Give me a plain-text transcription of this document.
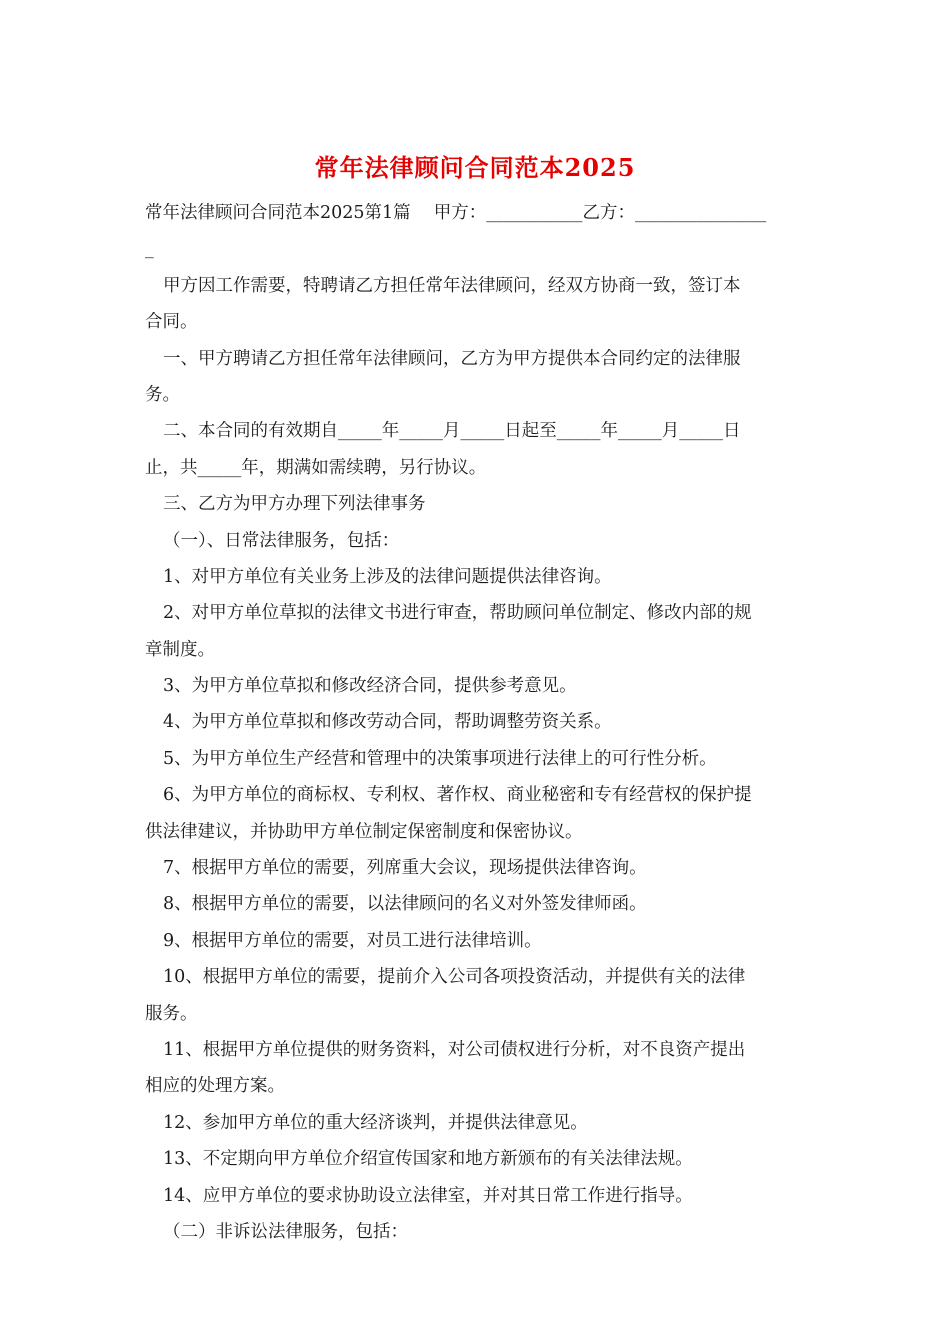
常年法律顾问合同范本2025

常年法律顾问合同范本2025第1篇　 甲方：___________乙方：_______________

_

甲方因工作需要，特聘请乙方担任常年法律顾问，经双方协商一致，签订本

合同。

一、甲方聘请乙方担任常年法律顾问，乙方为甲方提供本合同约定的法律服

务。

二、本合同的有效期自_____年_____月_____日起至_____年_____月_____日

止，共_____年，期满如需续聘，另行协议。

三、乙方为甲方办理下列法律事务

（一）、日常法律服务，包括：

1、对甲方单位有关业务上涉及的法律问题提供法律咨询。

2、对甲方单位草拟的法律文书进行审查，帮助顾问单位制定、修改内部的规

章制度。

3、为甲方单位草拟和修改经济合同，提供参考意见。

4、为甲方单位草拟和修改劳动合同，帮助调整劳资关系。

5、为甲方单位生产经营和管理中的决策事项进行法律上的可行性分析。

6、为甲方单位的商标权、专利权、著作权、商业秘密和专有经营权的保护提

供法律建议，并协助甲方单位制定保密制度和保密协议。

7、根据甲方单位的需要，列席重大会议，现场提供法律咨询。

8、根据甲方单位的需要，以法律顾问的名义对外签发律师函。

9、根据甲方单位的需要，对员工进行法律培训。

10、根据甲方单位的需要，提前介入公司各项投资活动，并提供有关的法律

服务。

11、根据甲方单位提供的财务资料，对公司债权进行分析，对不良资产提出

相应的处理方案。

12、参加甲方单位的重大经济谈判，并提供法律意见。

13、不定期向甲方单位介绍宣传国家和地方新颁布的有关法律法规。

14、应甲方单位的要求协助设立法律室，并对其日常工作进行指导。

（二）非诉讼法律服务，包括：
